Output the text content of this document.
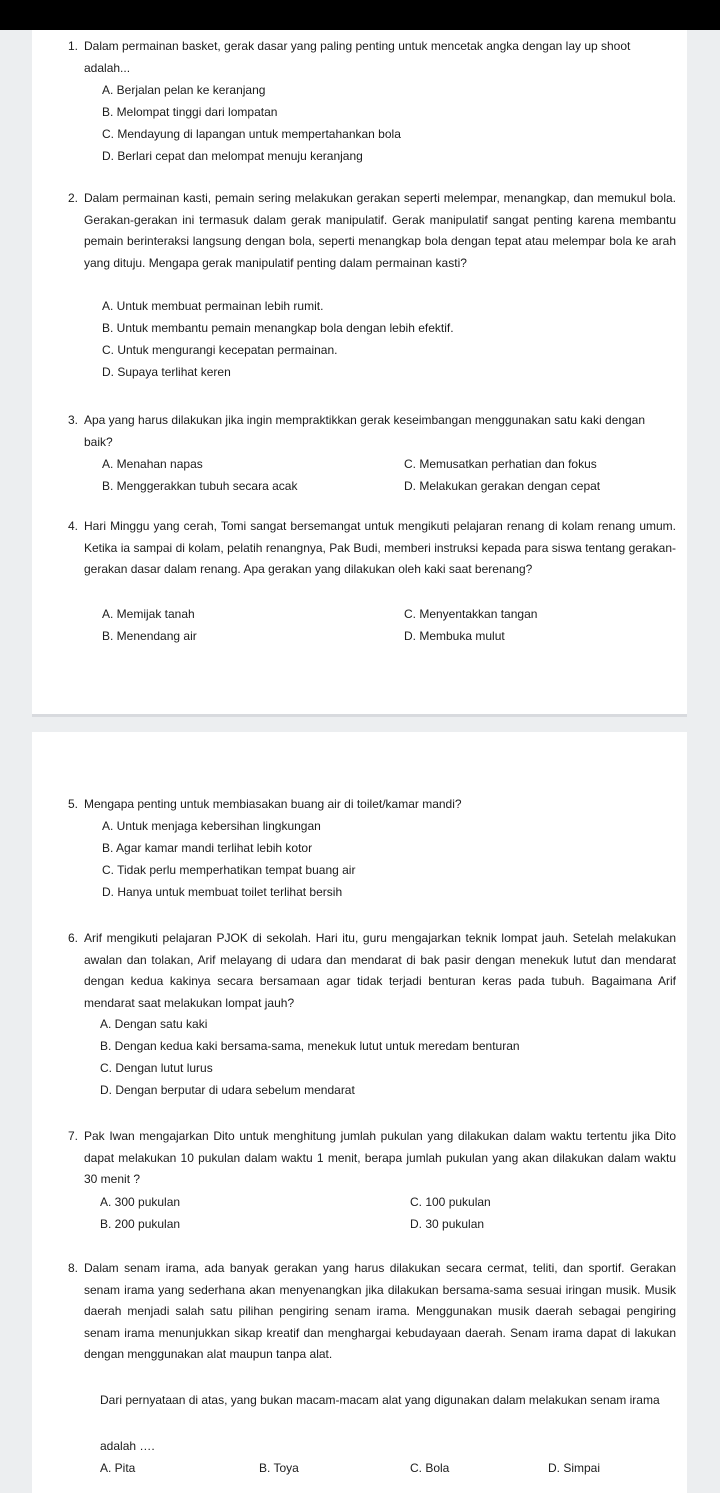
1. Dalam permainan basket, gerak dasar yang paling penting untuk mencetak angka dengan lay up shoot adalah...
A. Berjalan pelan ke keranjang
B. Melompat tinggi dari lompatan
C. Mendayung di lapangan untuk mempertahankan bola
D. Berlari cepat dan melompat menuju keranjang
2. Dalam permainan kasti, pemain sering melakukan gerakan seperti melempar, menangkap, dan memukul bola. Gerakan-gerakan ini termasuk dalam gerak manipulatif. Gerak manipulatif sangat penting karena membantu pemain berinteraksi langsung dengan bola, seperti menangkap bola dengan tepat atau melempar bola ke arah yang dituju. Mengapa gerak manipulatif penting dalam permainan kasti?
A. Untuk membuat permainan lebih rumit.
B. Untuk membantu pemain menangkap bola dengan lebih efektif.
C. Untuk mengurangi kecepatan permainan.
D. Supaya terlihat keren
3. Apa yang harus dilakukan jika ingin mempraktikkan gerak keseimbangan menggunakan satu kaki dengan baik?
A. Menahan napas	C. Memusatkan perhatian dan fokus
B. Menggerakkan tubuh secara acak	D. Melakukan gerakan dengan cepat
4. Hari Minggu yang cerah, Tomi sangat bersemangat untuk mengikuti pelajaran renang di kolam renang umum. Ketika ia sampai di kolam, pelatih renangnya, Pak Budi, memberi instruksi kepada para siswa tentang gerakan-gerakan dasar dalam renang. Apa gerakan yang dilakukan oleh kaki saat berenang?
A. Memijak tanah	C. Menyentakkan tangan
B. Menendang air	D. Membuka mulut
5. Mengapa penting untuk membiasakan buang air di toilet/kamar mandi?
A. Untuk menjaga kebersihan lingkungan
B. Agar kamar mandi terlihat lebih kotor
C. Tidak perlu memperhatikan tempat buang air
D. Hanya untuk membuat toilet terlihat bersih
6. Arif mengikuti pelajaran PJOK di sekolah. Hari itu, guru mengajarkan teknik lompat jauh. Setelah melakukan awalan dan tolakan, Arif melayang di udara dan mendarat di bak pasir dengan menekuk lutut dan mendarat dengan kedua kakinya secara bersamaan agar tidak terjadi benturan keras pada tubuh. Bagaimana Arif mendarat saat melakukan lompat jauh?
A. Dengan satu kaki
B. Dengan kedua kaki bersama-sama, menekuk lutut untuk meredam benturan
C. Dengan lutut lurus
D. Dengan berputar di udara sebelum mendarat
7. Pak Iwan mengajarkan Dito untuk menghitung jumlah pukulan yang dilakukan dalam waktu tertentu jika Dito dapat melakukan 10 pukulan dalam waktu 1 menit, berapa jumlah pukulan yang akan dilakukan dalam waktu 30 menit ?
A. 300 pukulan	C. 100 pukulan
B. 200 pukulan	D. 30 pukulan
8. Dalam senam irama, ada banyak gerakan yang harus dilakukan secara cermat, teliti, dan sportif. Gerakan senam irama yang sederhana akan menyenangkan jika dilakukan bersama-sama sesuai iringan musik. Musik daerah menjadi salah satu pilihan pengiring senam irama. Menggunakan musik daerah sebagai pengiring senam irama menunjukkan sikap kreatif dan menghargai kebudayaan daerah. Senam irama dapat di lakukan dengan menggunakan alat maupun tanpa alat.
Dari pernyataan di atas, yang bukan macam-macam alat yang digunakan dalam melakukan senam irama
adalah ….
A. Pita	B. Toya	C. Bola	D. Simpai
